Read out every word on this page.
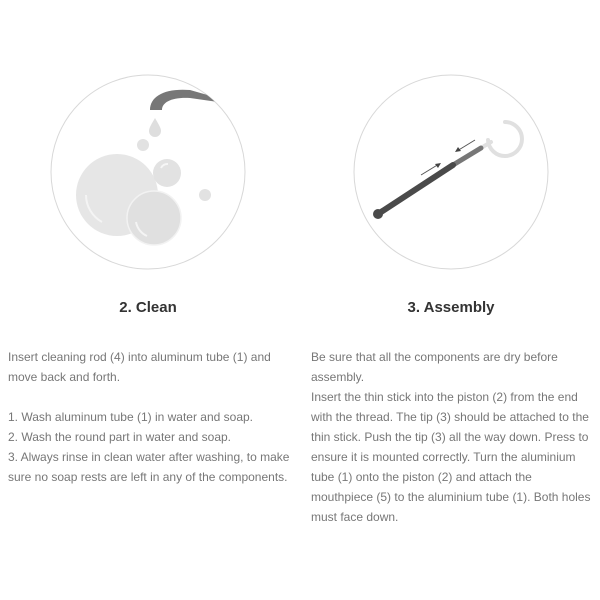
2. Clean

Insert cleaning rod (4) into aluminum tube (1) and move back and forth.

1. Wash aluminum tube (1) in water and soap.

2. Wash the round part in water and soap.

3. Always rinse in clean water after washing, to make sure no soap rests are left in any of the components.

3. Assembly

Be sure that all the components are dry before assembly.

Insert the thin stick into the piston (2) from the end with the thread. The tip (3) should be attached to the thin stick. Push the tip (3) all the way down. Press to ensure it is mounted correctly. Turn the aluminium tube (1) onto the piston (2) and attach the mouthpiece (5) to the aluminium tube (1). Both holes must face down.
